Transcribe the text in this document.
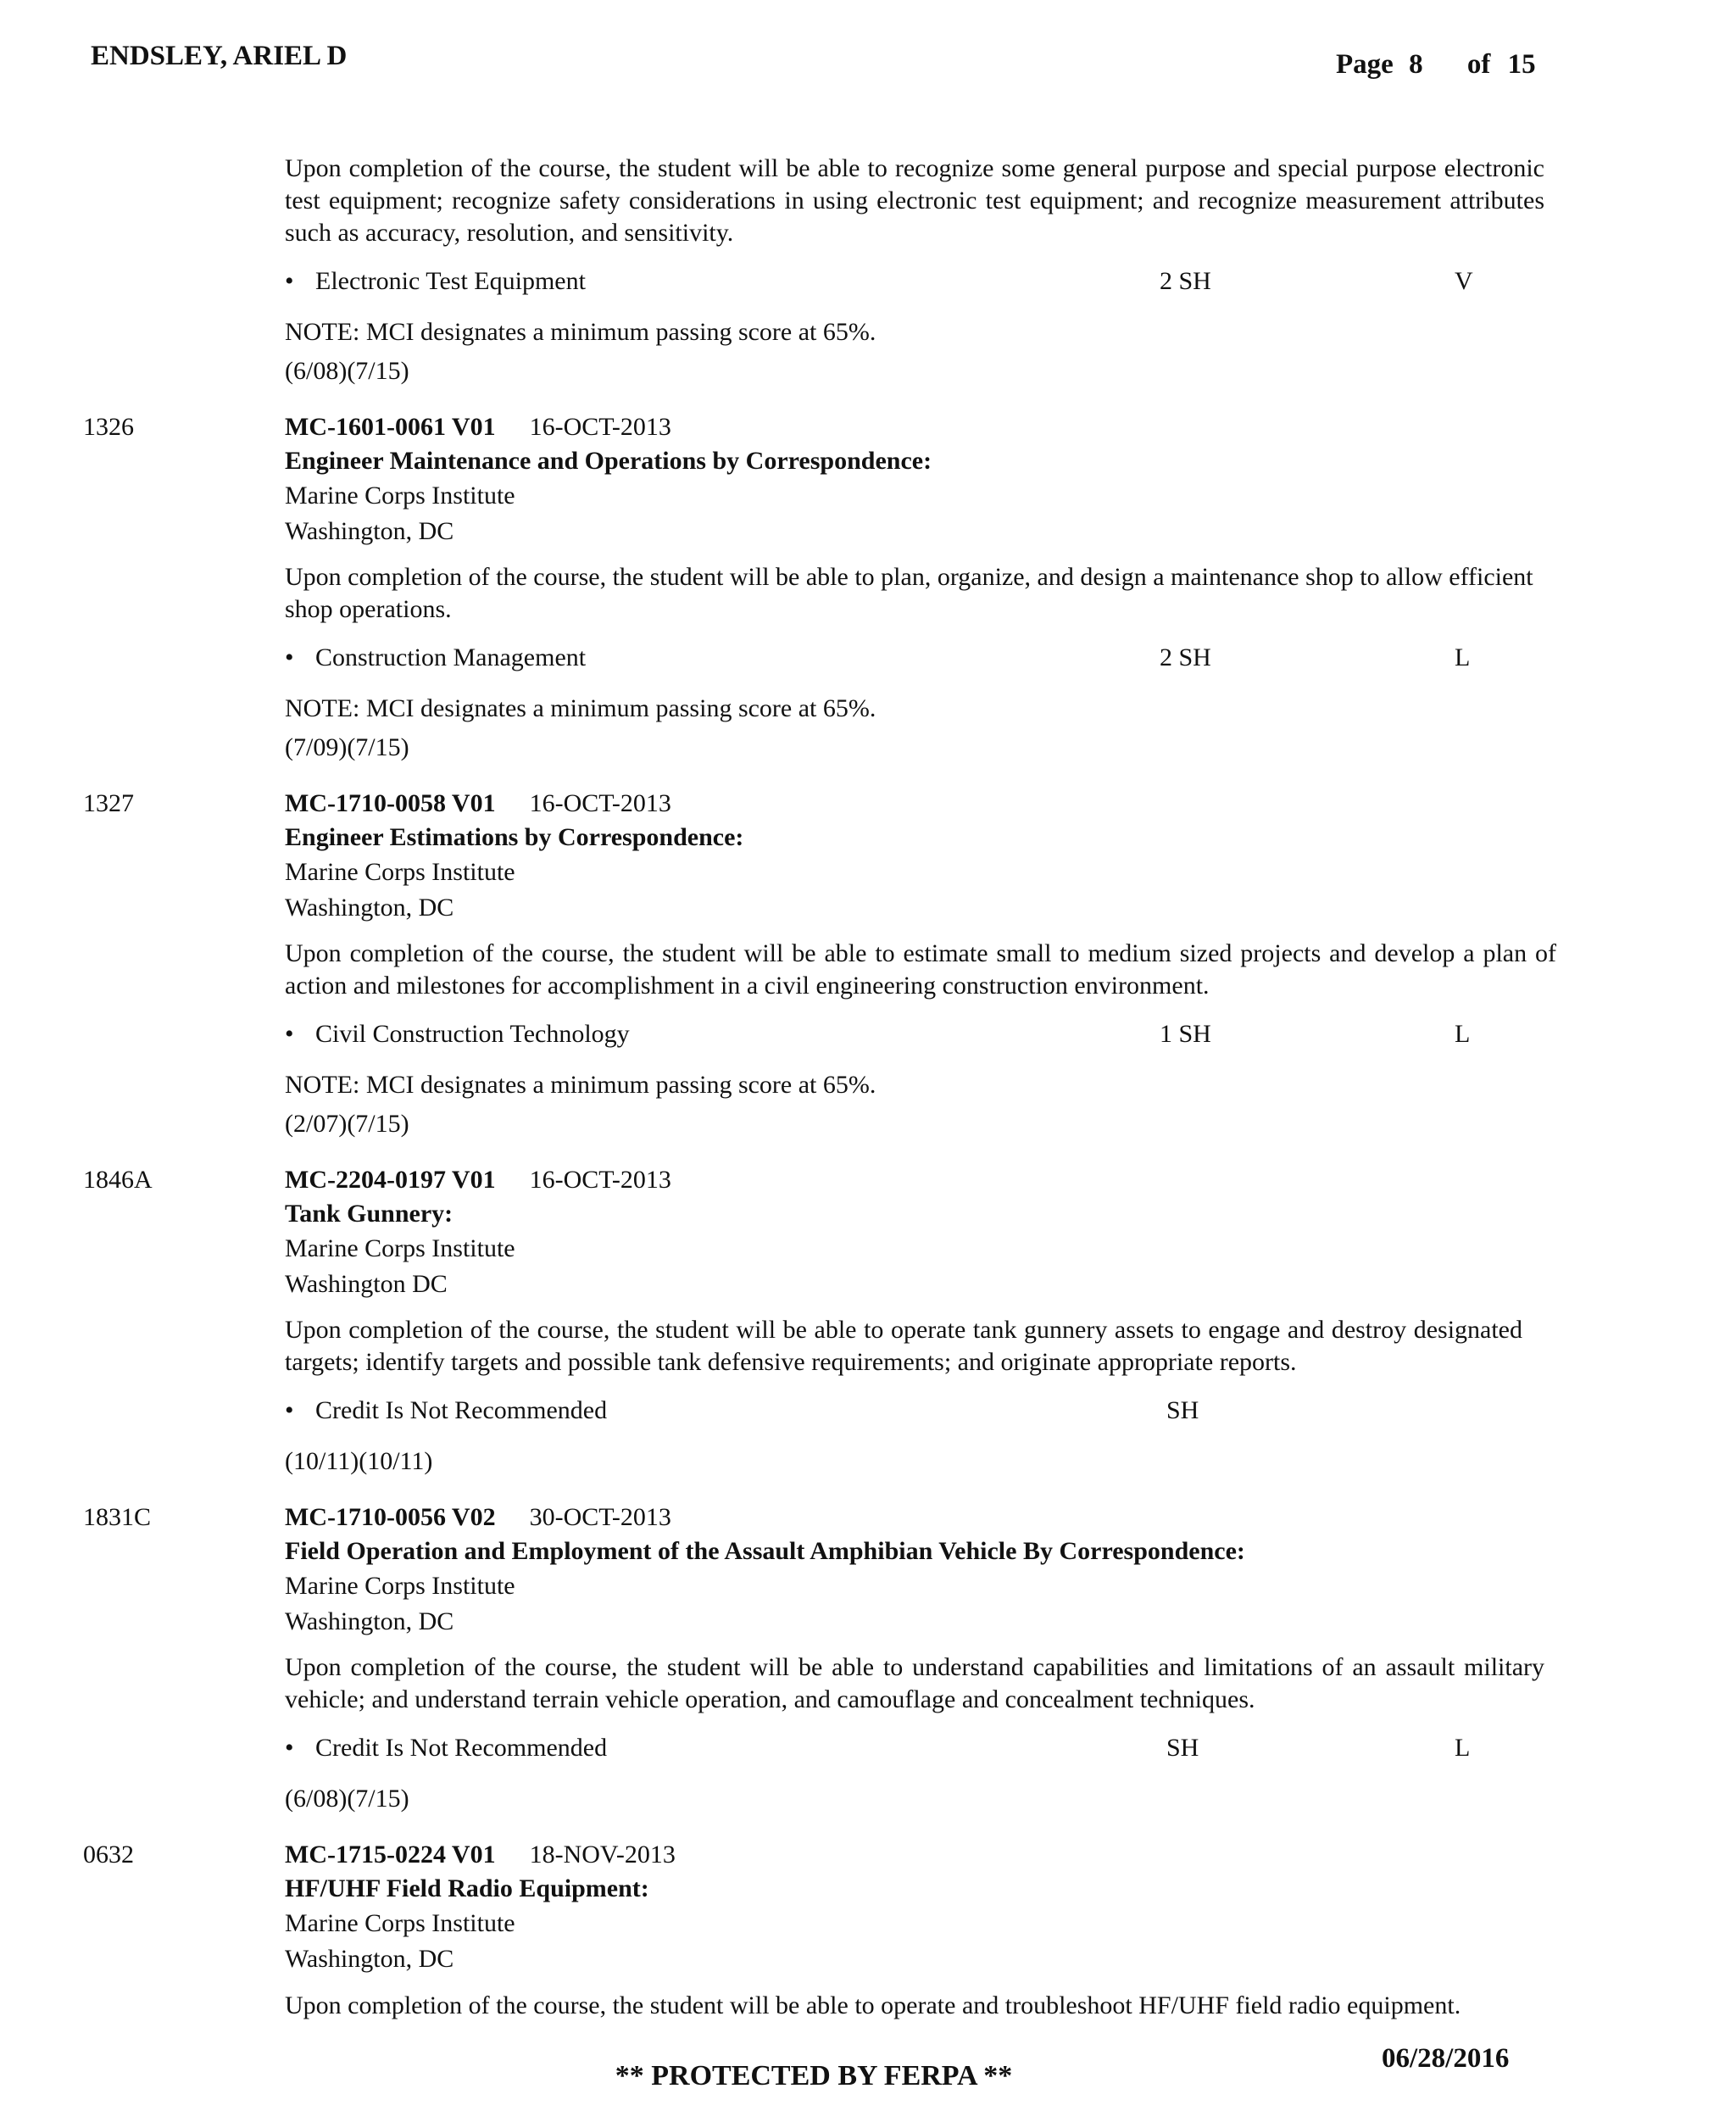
ENDSLEY, ARIEL D	Page 8 of 15
Upon completion of the course, the student will be able to recognize some general purpose and special purpose electronic test equipment; recognize safety considerations in using electronic test equipment; and recognize measurement attributes such as accuracy, resolution, and sensitivity.
• Electronic Test Equipment	2 SH	V
NOTE: MCI designates a minimum passing score at 65%.
(6/08)(7/15)
1326	MC-1601-0061 V01 16-OCT-2013
Engineer Maintenance and Operations by Correspondence:
Marine Corps Institute
Washington, DC
Upon completion of the course, the student will be able to plan, organize, and design a maintenance shop to allow efficient shop operations.
• Construction Management	2 SH	L
NOTE: MCI designates a minimum passing score at 65%.
(7/09)(7/15)
1327	MC-1710-0058 V01 16-OCT-2013
Engineer Estimations by Correspondence:
Marine Corps Institute
Washington, DC
Upon completion of the course, the student will be able to estimate small to medium sized projects and develop a plan of action and milestones for accomplishment in a civil engineering construction environment.
• Civil Construction Technology	1 SH	L
NOTE: MCI designates a minimum passing score at 65%.
(2/07)(7/15)
1846A	MC-2204-0197 V01 16-OCT-2013
Tank Gunnery:
Marine Corps Institute
Washington DC
Upon completion of the course, the student will be able to operate tank gunnery assets to engage and destroy designated targets; identify targets and possible tank defensive requirements; and originate appropriate reports.
• Credit Is Not Recommended	SH
(10/11)(10/11)
1831C	MC-1710-0056 V02 30-OCT-2013
Field Operation and Employment of the Assault Amphibian Vehicle By Correspondence:
Marine Corps Institute
Washington, DC
Upon completion of the course, the student will be able to understand capabilities and limitations of an assault military vehicle; and understand terrain vehicle operation, and camouflage and concealment techniques.
• Credit Is Not Recommended	SH	L
(6/08)(7/15)
0632	MC-1715-0224 V01 18-NOV-2013
HF/UHF Field Radio Equipment:
Marine Corps Institute
Washington, DC
Upon completion of the course, the student will be able to operate and troubleshoot HF/UHF field radio equipment.
06/28/2016
** PROTECTED BY FERPA **
